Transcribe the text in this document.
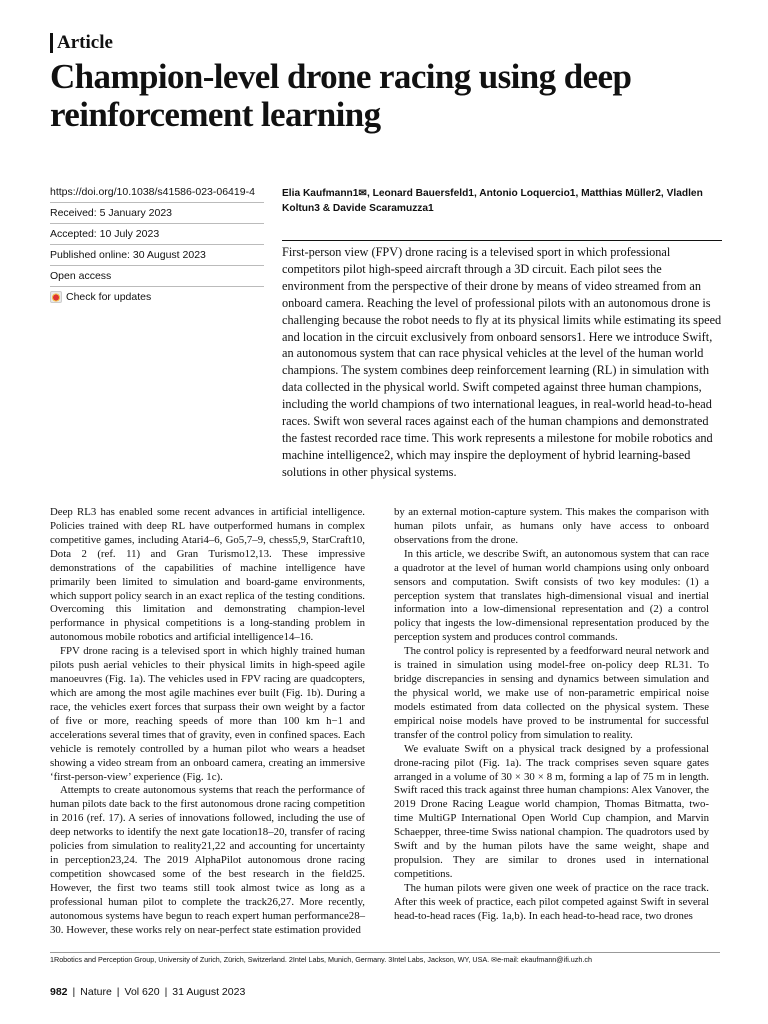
Article
Champion-level drone racing using deep reinforcement learning
https://doi.org/10.1038/s41586-023-06419-4
Received: 5 January 2023
Accepted: 10 July 2023
Published online: 30 August 2023
Open access
Check for updates
Elia Kaufmann1✉, Leonard Bauersfeld1, Antonio Loquercio1, Matthias Müller2, Vladlen Koltun3 & Davide Scaramuzza1
First-person view (FPV) drone racing is a televised sport in which professional competitors pilot high-speed aircraft through a 3D circuit. Each pilot sees the environment from the perspective of their drone by means of video streamed from an onboard camera. Reaching the level of professional pilots with an autonomous drone is challenging because the robot needs to fly at its physical limits while estimating its speed and location in the circuit exclusively from onboard sensors1. Here we introduce Swift, an autonomous system that can race physical vehicles at the level of the human world champions. The system combines deep reinforcement learning (RL) in simulation with data collected in the physical world. Swift competed against three human champions, including the world champions of two international leagues, in real-world head-to-head races. Swift won several races against each of the human champions and demonstrated the fastest recorded race time. This work represents a milestone for mobile robotics and machine intelligence2, which may inspire the deployment of hybrid learning-based solutions in other physical systems.

Deep RL3 has enabled some recent advances in artificial intelligence. Policies trained with deep RL have outperformed humans in complex competitive games, including Atari4–6, Go5,7–9, chess5,9, StarCraft10, Dota 2 (ref. 11) and Gran Turismo12,13. These impressive demonstrations of the capabilities of machine intelligence have primarily been limited to simulation and board-game environments, which support policy search in an exact replica of the testing conditions. Overcoming this limitation and demonstrating champion-level performance in physical competitions is a long-standing problem in autonomous mobile robotics and artificial intelligence14–16.

FPV drone racing is a televised sport in which highly trained human pilots push aerial vehicles to their physical limits in high-speed agile manoeuvres (Fig. 1a). The vehicles used in FPV racing are quadcopters, which are among the most agile machines ever built (Fig. 1b). During a race, the vehicles exert forces that surpass their own weight by a factor of five or more, reaching speeds of more than 100 km h−1 and accelerations several times that of gravity, even in confined spaces. Each vehicle is remotely controlled by a human pilot who wears a headset showing a video stream from an onboard camera, creating an immersive ‘first-person-view’ experience (Fig. 1c).

Attempts to create autonomous systems that reach the performance of human pilots date back to the first autonomous drone racing competition in 2016 (ref. 17). A series of innovations followed, including the use of deep networks to identify the next gate location18–20, transfer of racing policies from simulation to reality21,22 and accounting for uncertainty in perception23,24. The 2019 AlphaPilot autonomous drone racing competition showcased some of the best research in the field25. However, the first two teams still took almost twice as long as a professional human pilot to complete the track26,27. More recently, autonomous systems have begun to reach expert human performance28–30. However, these works rely on near-perfect state estimation provided

by an external motion-capture system. This makes the comparison with human pilots unfair, as humans only have access to onboard observations from the drone.

In this article, we describe Swift, an autonomous system that can race a quadrotor at the level of human world champions using only onboard sensors and computation. Swift consists of two key modules: (1) a perception system that translates high-dimensional visual and inertial information into a low-dimensional representation and (2) a control policy that ingests the low-dimensional representation produced by the perception system and produces control commands.

The control policy is represented by a feedforward neural network and is trained in simulation using model-free on-policy deep RL31. To bridge discrepancies in sensing and dynamics between simulation and the physical world, we make use of non-parametric empirical noise models estimated from data collected on the physical system. These empirical noise models have proved to be instrumental for successful transfer of the control policy from simulation to reality.

We evaluate Swift on a physical track designed by a professional drone-racing pilot (Fig. 1a). The track comprises seven square gates arranged in a volume of 30 × 30 × 8 m, forming a lap of 75 m in length. Swift raced this track against three human champions: Alex Vanover, the 2019 Drone Racing League world champion, Thomas Bitmatta, two-time MultiGP International Open World Cup champion, and Marvin Schaepper, three-time Swiss national champion. The quadrotors used by Swift and by the human pilots have the same weight, shape and propulsion. They are similar to drones used in international competitions.

The human pilots were given one week of practice on the race track. After this week of practice, each pilot competed against Swift in several head-to-head races (Fig. 1a,b). In each head-to-head race, two drones

1Robotics and Perception Group, University of Zurich, Zürich, Switzerland. 2Intel Labs, Munich, Germany. 3Intel Labs, Jackson, WY, USA. ✉e-mail: ekaufmann@ifi.uzh.ch
982 | Nature | Vol 620 | 31 August 2023
